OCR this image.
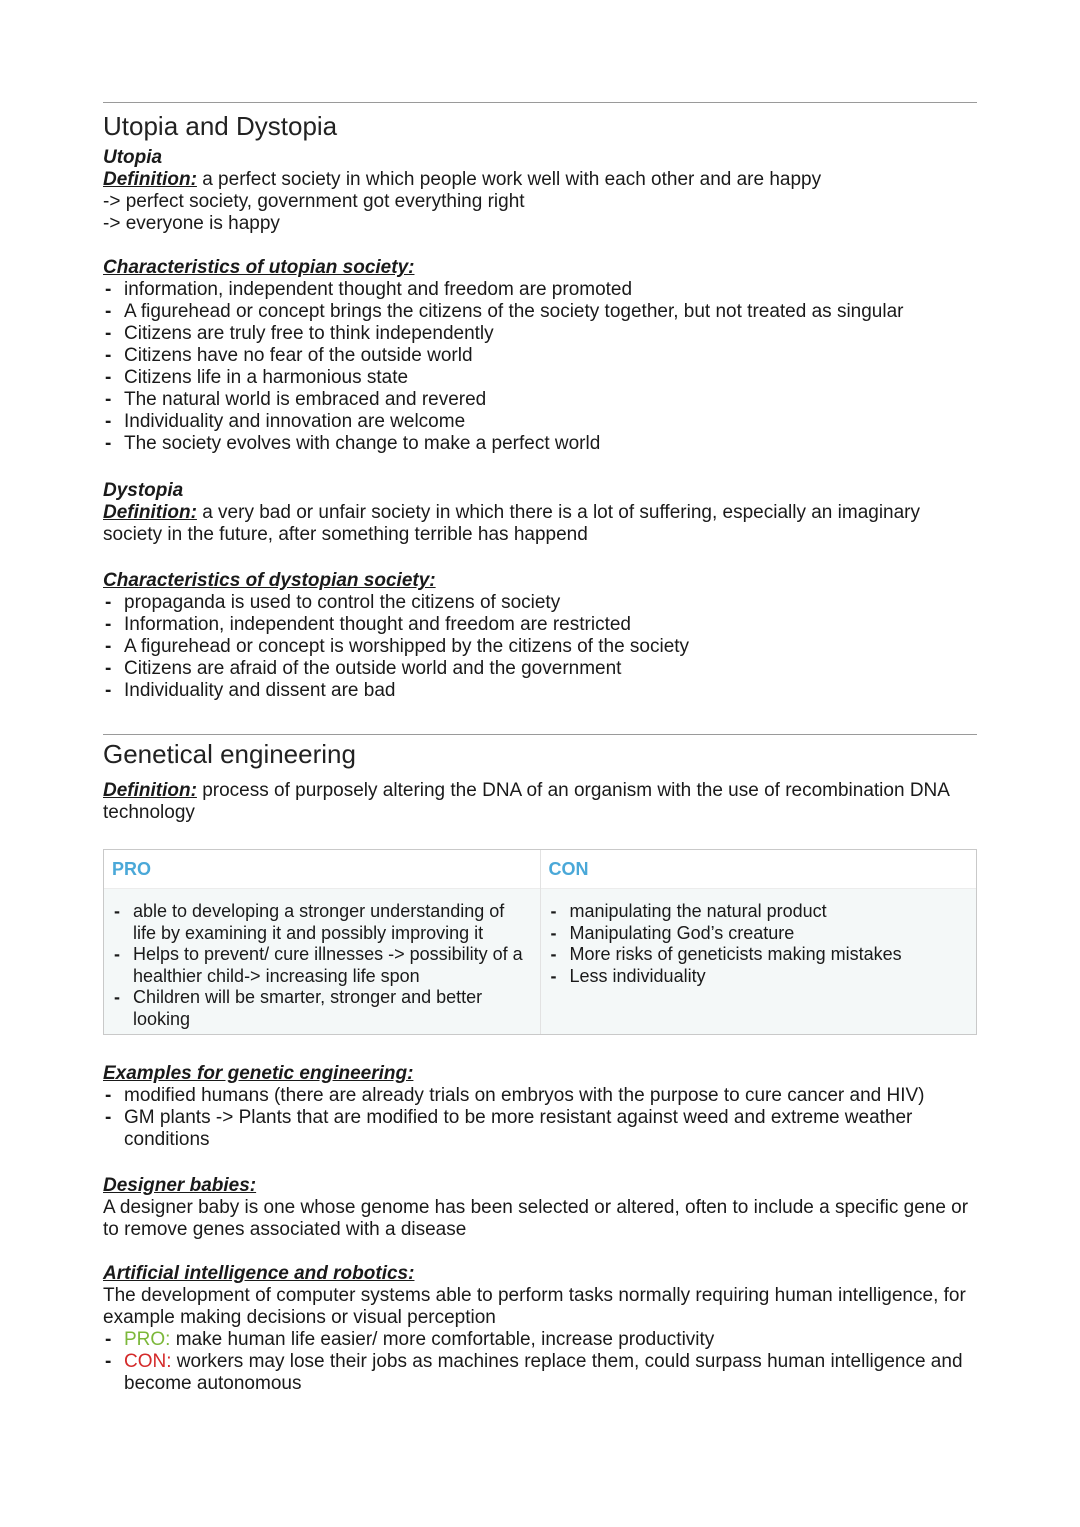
Utopia and Dystopia
Utopia
Definition: a perfect society in which people work well with each other and are happy
-> perfect society, government got everything right
-> everyone is happy
Characteristics of utopian society:
- information, independent thought and freedom are promoted
- A figurehead or concept brings the citizens of the society together, but not treated as singular
- Citizens are truly free to think independently
- Citizens have no fear of the outside world
- Citizens life in a harmonious state
- The natural world is embraced and revered
- Individuality and innovation are welcome
- The society evolves with change to make a perfect world
Dystopia
Definition: a very bad or unfair society in which there is a lot of suffering, especially an imaginary society in the future, after something terrible has happend
Characteristics of dystopian society:
- propaganda is used to control the citizens of society
- Information, independent thought and freedom are restricted
- A figurehead or concept is worshipped by the citizens of the society
- Citizens are afraid of the outside world and the government
- Individuality and dissent are bad
Genetical engineering
Definition: process of purposely altering the DNA of an organism with the use of recombination DNA technology
PRO
- able to developing a stronger understanding of life by examining it and possibly improving it
- Helps to prevent/ cure illnesses -> possibility of a healthier child-> increasing life spon
- Children will be smarter, stronger and better looking
CON
- manipulating the natural product
- Manipulating God’s creature
- More risks of geneticists making mistakes
- Less individuality
Examples for genetic engineering:
- modified humans (there are already trials on embryos with the purpose to cure cancer and HIV)
- GM plants -> Plants that are modified to be more resistant against weed and extreme weather conditions
Designer babies:
A designer baby is one whose genome has been selected or altered, often to include a specific gene or to remove genes associated with a disease
Artificial intelligence and robotics:
The development of computer systems able to perform tasks normally requiring human intelligence, for example making decisions or visual perception
- PRO: make human life easier/ more comfortable, increase productivity
- CON: workers may lose their jobs as machines replace them, could surpass human intelligence and become autonomous
